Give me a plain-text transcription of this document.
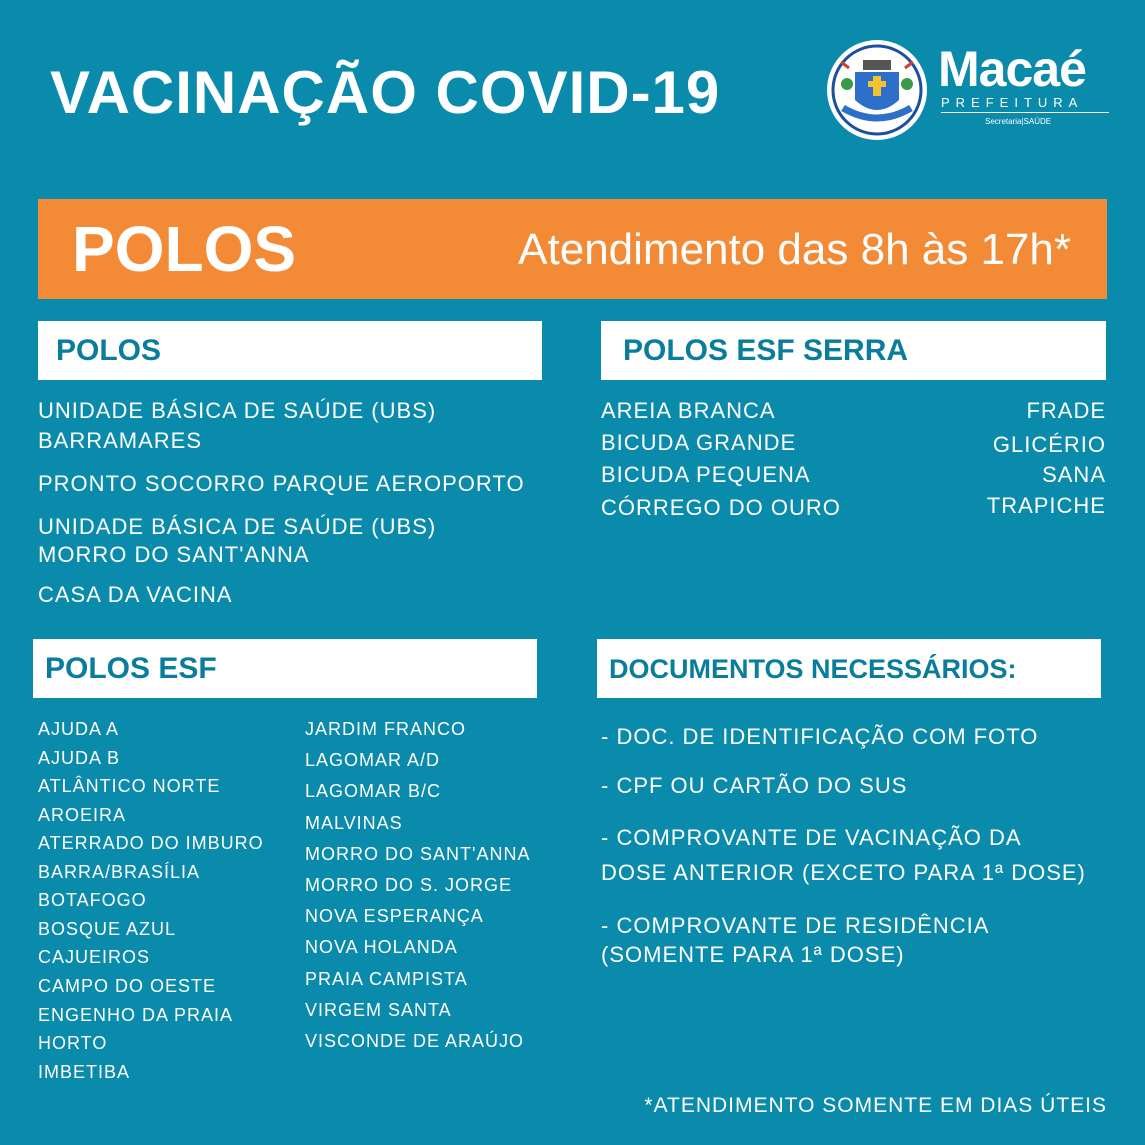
VACINAÇÃO COVID-19	Macaé
PREFEITURA
Secretaria|SAÚDE
POLOS	Atendimento das 8h às 17h*
POLOS
UNIDADE BÁSICA DE SAÚDE (UBS)
BARRAMARES
PRONTO SOCORRO PARQUE AEROPORTO
UNIDADE BÁSICA DE SAÚDE (UBS)
MORRO DO SANT'ANNA
CASA DA VACINA
POLOS ESF SERRA
AREIA BRANCA
BICUDA GRANDE
BICUDA PEQUENA
CÓRREGO DO OURO
FRADE
GLICÉRIO
SANA
TRAPICHE
POLOS ESF
AJUDA A
AJUDA B
ATLÂNTICO NORTE
AROEIRA
ATERRADO DO IMBURO
BARRA/BRASÍLIA
BOTAFOGO
BOSQUE AZUL
CAJUEIROS
CAMPO DO OESTE
ENGENHO DA PRAIA
HORTO
IMBETIBA
JARDIM FRANCO
LAGOMAR A/D
LAGOMAR B/C
MALVINAS
MORRO DO SANT'ANNA
MORRO DO S. JORGE
NOVA ESPERANÇA
NOVA HOLANDA
PRAIA CAMPISTA
VIRGEM SANTA
VISCONDE DE ARAÚJO
DOCUMENTOS NECESSÁRIOS:
- DOC. DE IDENTIFICAÇÃO COM FOTO
- CPF OU CARTÃO DO SUS
- COMPROVANTE DE VACINAÇÃO DA
DOSE ANTERIOR (EXCETO PARA 1ª DOSE)
- COMPROVANTE DE RESIDÊNCIA
(SOMENTE PARA 1ª DOSE)
*ATENDIMENTO SOMENTE EM DIAS ÚTEIS
